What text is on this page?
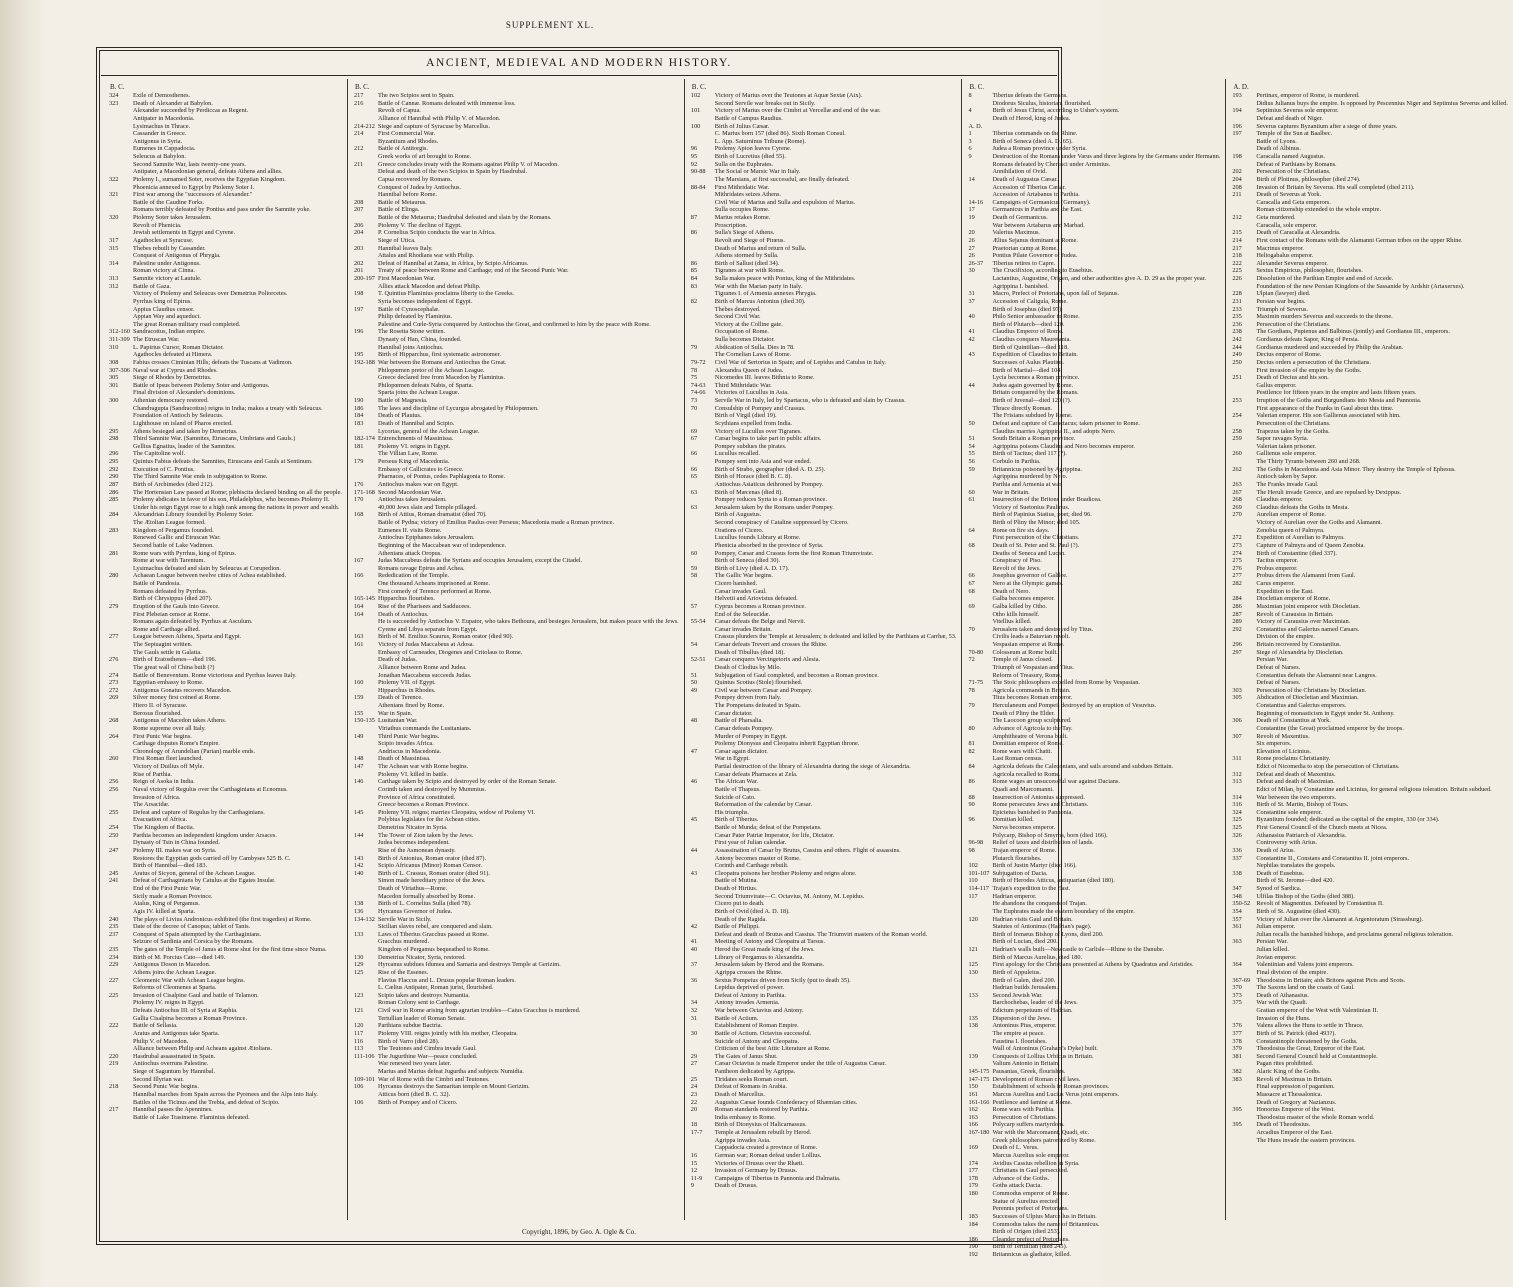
SUPPLEMENT XL.
ANCIENT, MEDIEVAL AND MODERN HISTORY.
B. C.
324	Exile of Demosthenes.
323	Death of Alexander at Babylon.
Alexander succeeded by Perdiccas as Regent.
Antipater in Macedonia.
Lysimachus in Thrace.
Cassander in Greece.
Antigonus in Syria.
Eumenes in Cappadocia.
Seleucus at Babylon.
Second Samnite War, lasts twenty-one years.
Antipater, a Macedonian general, defeats Athens and allies.
322	Ptolemy I., surnamed Soter, receives the Egyptian Kingdom.
Phoenicia annexed to Egypt by Ptolemy Soter I.
321	First war among the "successors of Alexander."
Battle of the Caudine Forks.
Romans terribly defeated by Pontius and pass under the Samnite yoke.
320	Ptolemy Soter takes Jerusalem.
Revolt of Phenicia.
Jewish settlements in Egypt and Cyrene.
317	Agathocles at Syracuse.
315	Thebes rebuilt by Cassander.
Conquest of Antigonus of Phrygia.
314	Palestine under Antigonus.
Roman victory at Cinna.
313	Samnite victory at Lautule.
312	Battle of Gaza.
Victory of Ptolemy and Seleucus over Demetrius Poliorcetes.
Pyrrhus king of Epirus.
Appius Claudius censor.
Appian Way and aqueduct.
The great Roman military road completed.
312-160 Sandracottus, Indian empire.
311-309 The Etruscan War.
310	L. Papirius Cursor, Roman Dictator.
Agathocles defeated at Himera.
308	Fabius crosses Ciminian Hills; defeats the Tuscans at Vadimon.
307-306 Naval war at Cyprus and Rhodes.
305	Siege of Rhodes by Demetrius.
301	Battle of Ipsus between Ptolemy Soter and Antigonus.
Final division of Alexander's dominions.
300	Athenian democracy restored.
Chandragupta (Sandracottus) reigns in India; makes a treaty with Seleucus.
Foundation of Antioch by Seleucus.
Lighthouse on island of Pharos erected.
295	Athens besieged and taken by Demetrius.
298	Third Samnite War. (Samnites, Etruscans, Umbrians and Gauls.)
Gellius Egnatius, leader of the Samnites.
296	The Capitoline wolf.
295	Quintus Fabius defeats the Samnites, Etruscans and Gauls at Sentinum.
292	Execution of C. Pontius.
290	The Third Samnite War ends in subjugation to Rome.
287	Birth of Archimedes (died 212).
286	The Hortensian Law passed at Rome; plebiscita declared binding on all the people.
285	Ptolemy abdicates in favor of his son, Philadelphus, who becomes Ptolemy II.
Under his reign Egypt rose to a high rank among the nations in power and wealth.
284	Alexandrian Library founded by Ptolemy Soter.
The Ætolian League formed.
283	Kingdom of Pergamus founded.
Renewed Gallic and Etruscan War.
Second battle of Lake Vadimon.
281	Rome wars with Pyrrhus, king of Epirus.
Rome at war with Tarentum.
Lysimachus defeated and slain by Seleucus at Corupedion.
280	Achaean League between twelve cities of Achea established.
Battle of Pandosia.
Romans defeated by Pyrrhus.
Birth of Chrysippus (died 207).
279	Eruption of the Gauls into Greece.
First Plebeian censor at Rome.
Romans again defeated by Pyrrhus at Asculum.
Rome and Carthage allied.
277	League between Athens, Sparta and Egypt.
The Septuagint written.
The Gauls settle in Galatia.
276	Birth of Eratosthenes—died 196.
The great wall of China built (?)
274	Battle of Beneventum. Rome victorious and Pyrrhus leaves Italy.
273	Egyptian embassy to Rome.
272	Antigonus Gonatus recovers Macedon.
269	Silver money first coined at Rome.
Hiero II. of Syracuse.
Berosus flourished.
268	Antigonus of Macedon takes Athens.
Rome supreme over all Italy.
264	First Punic War begins.
Carthage disputes Rome's Empire.
Chronology of Arundelian (Parian) marble ends.
260	First Roman fleet launched.
Victory of Duilius off Myle.
Rise of Parthia.
256	Reign of Asoka in India.
256	Naval victory of Regulus over the Carthaginians at Ecnomus.
Invasion of Africa.
The Arsacidæ.
255	Defeat and capture of Regulus by the Carthaginians.
Evacuation of Africa.
254	The Kingdom of Bactia.
250	Parthia becomes an independent kingdom under Arsaces.
Dynasty of Tsin in China founded.
247	Ptolemy III. makes war on Syria.
Restores the Egyptian gods carried off by Cambyses 525 B. C.
Birth of Hannibal—died 183.
245	Aratus of Sicyon, general of the Achean League.
241	Defeat of Carthaginians by Catulus at the Egates Insulæ.
End of the First Punic War.
Sicily made a Roman Province.
Atalus, King of Pergamus.
Agis IV. killed at Sparta.
240	The plays of Livius Andronicus exhibited (the first tragedies) at Rome.
235	Date of the decree of Canopus; tablet of Tanis.
237	Conquest of Spain attempted by the Carthaginians.
Seizure of Sardinia and Corsica by the Romans.
235	The gates of the Temple of Janus at Rome shut for the first time since Numa.
234	Birth of M. Porcius Cato—died 149.
229	Antigonus Doson in Macedon.
Athens joins the Achean League.
227	Cleomenic War with Achean League begins.
Reforms of Cleomenes at Sparta.
225	Invasion of Cisalpine Gaul and battle of Telamon.
Ptolemy IV. reigns in Egypt.
Defeats Antiochus III. of Syria at Raphia.
Gallia Cisalpina becomes a Roman Province.
222	Battle of Sellasia.
Aratus and Antigonus take Sparta.
Philip V. of Macedon.
Alliance between Philip and Acheans against Ætolians.
220	Hasdrubal assassinated in Spain.
219	Antiochus overruns Palestine.
Siege of Saguntum by Hannibal.
Second Illyrian war.
218	Second Punic War begins.
Hannibal marches from Spain across the Pyrenees and the Alps into Italy.
Battles of the Ticinus and the Trebia, and defeat of Scipio.
217	Hannibal passes the Apennines.
Battle of Lake Trasimene. Flaminius defeated.
B. C.
217	The two Scipios sent to Spain.
216	Battle of Cannæ. Romans defeated with immense loss.
Revolt of Capua.
Alliance of Hannibal with Philip V. of Macedon.
214-212 Siege and capture of Syracuse by Marcellus.
214	First Commercial War.
Byzantium and Rhodes.
212	Battle of Antitorgis.
Greek works of art brought to Rome.
211	Greece concludes treaty with the Romans against Philip V. of Macedon.
Defeat and death of the two Scipios in Spain by Hasdrubal.
Capua recovered by Romans.
Conquest of Judea by Antiochus.
Hannibal before Rome.
208	Battle of Metaurus.
207	Battle of Elinga.
Battle of the Metaurus; Hasdrubal defeated and slain by the Romans.
206	Ptolemy V. The decline of Egypt.
204	P. Cornelius Scipio conducts the war in Africa.
Siege of Utica.
203	Hannibal leaves Italy.
Attalus and Rhodians war with Philip.
202	Defeat of Hannibal at Zama, in Africa, by Scipio Africanus.
201	Treaty of peace between Rome and Carthage; end of the Second Punic War.
200-197 First Macedonian War.
Allies attack Macedon and defeat Philip.
198	T. Quintius Flaminius proclaims liberty to the Greeks.
Syria becomes independent of Egypt.
197	Battle of Cynoscephalæ.
Philip defeated by Flaminius.
Palestine and Cœle-Syria conquered by Antiochus the Great, and confirmed to him by the peace with Rome.
196	The Rosetta Stone written.
Dynasty of Han, China, founded.
Hannibal joins Antiochus.
195	Birth of Hipparchus, first systematic astronomer.
192-188 War between the Romans and Antiochus the Great.
Philopœmen pretor of the Achean League.
Greece declared free from Macedon by Flaminius.
Philopœmen defeats Nabis, of Sparta.
Sparta joins the Achean League.
190	Battle of Magnesia.
186	The laws and discipline of Lycurgus abrogated by Philopœmen.
184	Death of Plautus.
183	Death of Hannibal and Scipio.
Lycortas, general of the Achean League.
182-174 Entrenchments of Massinissa.
181	Ptolemy VI. reigns in Egypt.
The Villian Law, Rome.
179	Perseus King of Macedonia.
Embassy of Callicrates to Greece.
Pharnaces, of Pontus, cedes Paphlagonia to Rome.
176	Antiochus makes war on Egypt.
171-168 Second Macedonian War.
170	Antiochus takes Jerusalem.
40,000 Jews slain and Temple pillaged.
168	Birth of Attius, Roman dramatist (died 70).
Battle of Pydna; victory of Emilius Paulus over Perseus; Macedonia made a Roman province.
Eumenes II. visits Rome.
Antiochus Epiphanes takes Jerusalem.
Beginning of the Maccabean war of independence.
Athenians attack Oropus.
167	Judas Maccabeus defeats the Syrians and occupies Jerusalem, except the Citadel.
Romans ravage Epirus and Achea.
166	Rededication of the Temple.
One thousand Acheans imprisoned at Rome.
First comedy of Terence performed at Rome.
165-145 Hipparchus flourishes.
164	Rise of the Pharisees and Sadducees.
164	Death of Antiochus.
He is succeeded by Antiochus V. Eupator, who takes Bethoura, and besieges Jerusalem, but makes peace with the Jews.
Cyrene and Libya separate from Egypt.
163	Birth of M. Emilius Scaurus, Roman orator (died 90).
161	Victory of Judas Maccabeus at Adosa.
Embassy of Carneades, Diogenes and Critolaus to Rome.
Death of Judas.
Alliance between Rome and Judea.
Jonathan Maccabeus succeeds Judas.
160	Ptolemy VII. of Egypt.
Hipparchus in Rhodes.
159	Death of Terence.
Athenians fined by Rome.
155	War in Spain.
150-135 Lusitanian War.
Viriathus commands the Lusitanians.
149	Third Punic War begins.
Scipio invades Africa.
Andriscus in Macedonia.
148	Death of Massinissa.
147	The Achean war with Rome begins.
Ptolemy VI. killed in battle.
146	Carthage taken by Scipio and destroyed by order of the Roman Senate.
Corinth taken and destroyed by Mummius.
Province of Africa constituted.
Greece becomes a Roman Province.
145	Ptolemy VII. reigns; marries Cleopatra, widow of Ptolemy VI.
Polybius legislates for the Achean cities.
Demetrius Nicator in Syria.
144	The Tower of Zion taken by the Jews.
Judea becomes independent.
Rise of the Asmonean dynasty.
143	Birth of Antonius, Roman orator (died 87).
142	Scipio Africanus (Minor) Roman Censor.
140	Birth of L. Crassus, Roman orator (died 91).
Simon made hereditary prince of the Jews.
Death of Viriathus—Rome.
Macedon formally absorbed by Rome.
138	Birth of L. Cornelius Sulla (died 78).
136	Hyrcanus Governor of Judea.
134-132 Servile War in Sicily.
Sicilian slaves rebel, are conquered and slain.
133	Laws of Tiberius Gracchus passed at Rome.
Gracchus murdered.
Kingdom of Pergamus bequeathed to Rome.
130	Demetrius Nicator, Syria, restored.
129	Hyrcanus subdues Idumea and Samaria and destroys Temple at Gerizim.
125	Rise of the Essenes.
Flavius Flaccus and L. Drusus popular Roman leaders.
L. Cælius Antipater, Roman jurist, flourished.
123	Scipio takes and destroys Numantia.
Roman Colony sent to Carthage.
121	Civil war in Rome arising from agrarian troubles—Caius Gracchus is murdered.
Tertullian leader of Roman Senate.
120	Parthians subdue Bactria.
117	Ptolemy VIII. reigns jointly with his mother, Cleopatra.
116	Birth of Varro (died 28).
113	The Teutones and Cimbra invade Gaul.
111-106 The Jugurthine War—peace concluded.
War renewed two years later.
Marius and Marius defeat Jugurtha and subjects Numidia.
109-101 War of Rome with the Cimbri and Teutones.
106	Hyrcanus destroys the Samaritan temple on Mount Gerizim.
Atticus born (died B. C. 32).
106	Birth of Pompey and of Cicero.
B. C.
102	Victory of Marius over the Teutones at Aquæ Sextæ (Aix).
Second Servile war breaks out in Sicily.
101	Victory of Marius over the Cimbri at Vercellæ and end of the war.
Battle of Campus Raudius.
100	Birth of Julius Cæsar.
C. Marius born 157 (died 86). Sixth Roman Consul.
L. App. Saturninus Tribune (Rome).
96	Ptolemy Apion leaves Cyrene.
95	Birth of Lucretius (died 55).
92	Sulla on the Euphrates.
90-88	The Social or Marsic War in Italy.
The Marsians, at first successful, are finally defeated.
88-84	First Mithridatic War.
Mithridates seizes Athens.
Civil War of Marius and Sulla and expulsion of Marius.
Sulla occupies Rome.
87	Marius retakes Rome.
Proscription.
86	Sulla's Siege of Athens.
Revolt and Siege of Piræus.
Death of Marius and return of Sulla.
Athens stormed by Sulla.
86	Birth of Sallust (died 34).
85	Tigranes at war with Rome.
84	Sulla makes peace with Pontus, king of the Mithridates.
83	War with the Marian party in Italy.
Tigranes I. of Armenia annexes Phrygia.
82	Birth of Marcus Antonius (died 30).
Thebes destroyed.
Second Civil War.
Victory at the Colline gate.
Occupation of Rome.
Sulla becomes Dictator.
79	Abdication of Sulla. Dies in 78.
The Cornelian Laws of Rome.
79-72	Civil War of Sertorius in Spain; and of Lepidus and Catulus in Italy.
78	Alexandra Queen of Judea.
75	Nicomedes III. leaves Bithnia to Rome.
74-63	Third Mithridatic War.
74-66	Victories of Lucullus in Asia.
73	Servile War in Italy, led by Spartacus, who is defeated and slain by Crassus.
70	Consulship of Pompey and Crassus.
Birth of Virgil (died 19).
Scythians expelled from India.
69	Victory of Lucullus over Tigranes.
67	Cæsar begins to take part in public affairs.
Pompey subdues the pirates.
66	Lucullus recalled.
Pompey sent into Asia and war ended.
66	Birth of Strabo, geographer (died A. D. 25).
65	Birth of Horace (died B. C. 8).
Antiochus Asiaticus dethroned by Pompey.
63	Birth of Mæcenas (died 8).
Pompey reduces Syria to a Roman province.
63	Jerusalem taken by the Romans under Pompey.
Birth of Augustus.
Second conspiracy of Cataline suppressed by Cicero.
Orations of Cicero.
Lucullus founds Library at Rome.
Phenicia absorbed in the province of Syria.
60	Pompey, Cæsar and Crassus form the first Roman Triumvirate.
Birth of Seneca (died 30).
59	Birth of Livy (died A. D. 17).
58	The Gallic War begins.
Cicero banished.
Cæsar invades Gaul.
Helvetii and Ariovistus defeated.
57	Cyprus becomes a Roman province.
End of the Seleucidæ.
55-54	Cæsar defeats the Belge and Nervii.
Cæsar invades Britain.
Crassus plunders the Temple at Jerusalem; is defeated and killed by the Parthians at Carrhæ, 53.
54	Cæsar defeats Treveri and crosses the Rhine.
Death of Tibullus (died 18).
52-51	Cæsar conquers Vercingetorix and Alesia.
Death of Clodius by Milo.
51	Subjugation of Gaul completed, and becomes a Roman province.
50	Quintus Scotius (Stole) flourished.
49	Civil war between Cæsar and Pompey.
Pompey driven from Italy.
The Pompeians defeated in Spain.
Cæsar dictator.
48	Battle of Pharsalia.
Cæsar defeats Pompey.
Murder of Pompey in Egypt.
Ptolemy Dionysus and Cleopatra inherit Egyptian throne.
47	Cæsar again dictator.
War in Egypt.
Partial destruction of the library of Alexandria during the siege of Alexandria.
Cæsar defeats Pharnaces at Zela.
46	The African War.
Battle of Thapsus.
Suicide of Cato.
Reformation of the calendar by Cæsar.
His triumphs.
45	Birth of Tiberius.
Battle of Munda; defeat of the Pompeians.
Cæsar Pater Patriæ Imperator, for life, Dictator.
First year of Julian calendar.
44	Assassination of Cæsar by Brutus, Cassius and others. Flight of assassins.
Antony becomes master of Rome.
Corinth and Carthage rebuilt.
43	Cleopatra poisons her brother Ptolemy and reigns alone.
Battle of Mutina.
Death of Hirtius.
Second Triumvirate—C. Octavius, M. Antony, M. Lepidus.
Cicero put to death.
Birth of Ovid (died A. D. 18).
Death of the Ragida.
42	Battle of Philippi.
Defeat and death of Brutus and Cassius. The Triumviri masters of the Roman world.
41	Meeting of Antony and Cleopatra at Tarsus.
40	Herod the Great made king of the Jews.
Library of Pergamus to Alexandria.
37	Jerusalem taken by Herod and the Romans.
Agrippa crosses the Rhine.
36	Sextus Pompeius driven from Sicily (put to death 35).
Lepidus deprived of power.
Defeat of Antony in Parthia.
34	Antony invades Armenia.
32	War between Octavius and Antony.
31	Battle of Actium.
Establishment of Roman Empire.
30	Battle of Actium. Octavius successful.
Suicide of Antony and Cleopatra.
Criticism of the best Attic Literature at Rome.
29	The Gates of Janus Shut.
27	Cæsar Octavius is made Emperor under the title of Augustus Cæsar.
Pantheon dedicated by Agrippa.
25	Tiridates seeks Roman court.
24	Defeat of Romans in Arabia.
23	Death of Marcellus.
22	Augustus Cæsar founds Confederacy of Rhæmian cities.
20	Roman standards restored by Parthia.
India embassy to Rome.
18	Birth of Dionysius of Halicarnassus.
17-7	Temple at Jerusalem rebuilt by Herod.
Agrippa invades Asia.
Cappadocia created a province of Rome.
16	German war; Roman defeat under Lollius.
15	Victories of Drusus over the Rhæti.
12	Invasion of Germany by Drusus.
11-9	Campaigns of Tiberius in Pannonia and Dalmatia.
9	Death of Drusus.
B. C.
8	Tiberius defeats the Germans.
Diodorus Siculus, historian, flourished.
4	Birth of Jesus Christ, according to Usher's system.
Death of Herod, king of Judea.
A. D.
1	Tiberius commands on the Rhine.
3	Birth of Seneca (died A. D. 65).
6	Judea a Roman province under Syria.
9	Destruction of the Romans under Varus and three legions by the Germans under Hermann.
Romans defeated by Cherusci under Arminius.
Annihilation of Ovid.
14	Death of Augustus Cæsar.
Accession of Tiberius Cæsar.
Accession of Artabanus to Parthia.
14-16	Campaigns of Germanicus (Germany).
17	Germanicus in Parthia and the East.
19	Death of Germanicus.
War between Artabarus and Marbad.
20	Valerius Maximus.
26	Ælius Sejanus dominant at Rome.
27	Praetorian camp at Rome.
26	Pontius Pilate Governor of Judea.
26-37	Tiberius retires to Capre.
30	The Crucifixion, according to Eusebius.
Lactantius, Augustine, Origen, and other authorities give A. D. 29 as the proper year.
Agrippina I. banished.
31	Macro, Prefect of Pretorians, upon fall of Sejanus.
37	Accession of Caligula, Rome.
Birth of Josephus (died 97).
40	Philo Senior ambassador to Rome.
Birth of Plutarch—died 120.
41	Claudius Emperor of Rome.
42	Claudius conquers Mauretania.
Birth of Quintilian—died 118.
43	Expedition of Claudius to Britain.
Successes of Aulus Plautius.
Birth of Martial—died 104.
Lycia becomes a Roman province.
44	Judea again governed by Rome.
Britain conquered by the Romans.
Birth of Juvenal—died 120 (?).
Thrace directly Roman.
The Frisians subdued by Rome.
50	Defeat and capture of Caractacus; taken prisoner to Rome.
Claudius marries Agrippina II., and adopts Nero.
51	South Britain a Roman province.
54	Agrippina poisons Claudius and Nero becomes emperor.
55	Birth of Tacitus; died 117 (?).
56	Corbulo in Parthia.
59	Britannicus poisoned by Agrippina.
Agrippina murdered by Nero.
Parthia and Armenia at war.
60	War in Britain.
61	Insurrection of the Britons under Boadicea.
Victory of Suetonius Paulinus.
Birth of Papinius Statius, poet; died 96.
Birth of Pliny the Minor; died 105.
64	Rome on fire six days.
First persecution of the Christians.
68	Death of St. Peter and St. Paul (?).
Deaths of Seneca and Lucan.
Conspiracy of Piso.
Revolt of the Jews.
66	Josephus governor of Galilee.
67	Nero at the Olympic games.
68	Death of Nero.
Galba becomes emperor.
69	Galba killed by Otho.
Otho kills himself.
Vitellius killed.
70	Jerusalem taken and destroyed by Titus.
Civilis leads a Batavian revolt.
Vespasian emperor at Rome.
70-80	Colosseum at Rome built.
72	Temple of Janus closed.
Triumph of Vespasian and Titus.
Reform of Treasury, Rome.
71-75	The Stoic philosophers expelled from Rome by Vespasian.
78	Agricola commands in Britain.
Titus becomes Roman emperor.
79	Herculaneum and Pompeii destroyed by an eruption of Vesuvius.
Death of Pliny the Elder.
The Laocoon group sculptured.
80	Advance of Agricola to the Tay.
Amphitheatre of Verona built.
81	Domitian emperor of Rome.
82	Rome wars with Chatti.
Last Roman census.
84	Agricola defeats the Caledonians, and sails around and subdues Britain.
Agricola recalled to Rome.
86	Rome wages an unsuccessful war against Dacians.
Quadi and Marcomanni.
88	Insurrection of Antonius suppressed.
90	Rome persecutes Jews and Christians.
Epictetus banished to Pannonia.
96	Domitian killed.
Nerva becomes emperor.
Polycarp, Bishop of Smyrna, born (died 166).
96-98	Relief of taxes and distribution of lands.
98	Trajan emperor of Rome.
Plutarch flourishes.
102	Birth of Justin Martyr (died 166).
101-107 Subjugation of Dacia.
110	Birth of Herodes Atticus, antiquarian (died 180).
114-117 Trajan's expedition to the East.
117	Hadrian emperor.
He abandons the conquests of Trajan.
The Euphrates made the eastern boundary of the empire.
120	Hadrian visits Gaul and Britain.
Statutes of Antoninus (Hadrian's page).
Birth of Irenæus Bishop of Lyons, died 200.
Birth of Lucian, died 200.
121	Hadrian's walls built—Newcastle to Carlisle—Rhine to the Danube.
Birth of Marcus Aurelius, died 180.
125	First apology for the Christians presented at Athens by Quadratus and Aristides.
130	Birth of Appuleius.
Birth of Galen, died 200.
Hadrian builds Jerusalem.
133	Second Jewish War.
Barchochebas, leader of the Jews.
Edictum perpetuum of Hadrian.
135	Dispersion of the Jews.
138	Antoninus Pius, emperor.
The empire at peace.
Faustina I. flourishes.
Wall of Antoninus (Graham's Dyke) built.
139	Conquests of Lollius Urbicus in Britain.
Valium Antonio in Britain.
145-175 Pausanias, Greek, flourishes.
147-175 Development of Roman civil laws.
150	Establishment of schools in Roman provinces.
161	Marcus Aurelius and Lucius Verus joint emperors.
161-166 Pestilence and famine at Rome.
162	Rome wars with Parthia.
163	Persecution of Christians.
166	Polycarp suffers martyrdom.
167-180 War with the Marcomanni, Quadi, etc.
Greek philosophers patronized by Rome.
169	Death of L. Verus.
Marcus Aurelius sole emperor.
174	Avidius Cassius rebellion in Syria.
177	Christians in Gaul persecuted.
178	Advance of the Goths.
179	Goths attack Dacia.
180	Commodus emperor of Rome.
Statue of Aurelius erected.
Perennis prefect of Pretorians.
183	Successes of Ulpius Marcellus in Britain.
184	Commodus takes the name of Britannicus.
Birth of Origen (died 253).
186	Cleander prefect of Pretorians.
190	Birth of Tertullian (died 245).
192	Britannicus as gladiator, killed.
A. D.
193	Pertinax, emperor of Rome, is murdered.
Didius Julianus buys the empire. Is opposed by Pescennius Niger and Septimius Severus and killed.
194	Septimius Severus sole emperor.
Defeat and death of Niger.
196	Severus captures Byzantium after a siege of three years.
197	Temple of the Sun at Baalbec.
Battle of Lyons.
Death of Albinus.
198	Caracalla named Augustus.
Defeat of Parthians by Romans.
202	Persecution of the Christians.
204	Birth of Plotinus, philosopher (died 274).
208	Invasion of Britain by Severus. His wall completed (died 211).
211	Death of Severus at York.
Caracalla and Geta emperors.
Roman citizenship extended to the whole empire.
212	Geta murdered.
Caracalla, sole emperor.
215	Death of Caracalla at Alexandria.
214	First contact of the Romans with the Alamanni German tribes on the upper Rhine.
217	Macrinus emperor.
218	Heliogabalus emperor.
222	Alexander Severus emperor.
225	Sextus Empiricus, philosopher, flourishes.
226	Dissolution of the Parthian Empire and end of Arcede.
Foundation of the new Persian Kingdom of the Sassanide by Ardshir (Artaxerxes).
228	Ulpian (lawyer) died.
231	Persian war begins.
233	Triumph of Severus.
235	Maximin murders Severus and succeeds to the throne.
236	Persecution of the Christians.
238	The Gordians, Pupienus and Balbinus (jointly) and Gordianus III., emperors.
242	Gordianus defeats Sapor, King of Persia.
244	Gordianus murdered and succeeded by Philip the Arabian.
249	Decius emperor of Rome.
250	Decius orders a persecution of the Christians.
First invasion of the empire by the Goths.
251	Death of Decius and his son.
Gallus emperor.
Pestilence for fifteen years in the empire and lasts fifteen years.
253	Irruption of the Goths and Burgundians into Mesia and Pannonia.
First appearance of the Franks in Gaul about this time.
254	Valerian emperor. His son Gallienus associated with him.
Persecution of the Christians.
258	Trapezus taken by the Goths.
259	Sapor ravages Syria.
Valerian taken prisoner.
260	Gallienus sole emperor.
The Thirty Tyrants between 260 and 268.
262	The Goths in Macedonia and Asia Minor. They destroy the Temple of Ephesus.
Antioch taken by Sapor.
263	The Franks invade Gaul.
267	The Heruli invade Greece, and are repulsed by Dexippus.
268	Claudius emperor.
269	Claudius defeats the Goths in Mesia.
270	Aurelian emperor of Rome.
Victory of Aurelian over the Goths and Alamanni.
Zenobia queen of Palmyra.
272	Expedition of Aurelian to Palmyra.
273	Capture of Palmyra and of Queen Zenobia.
274	Birth of Constantine (died 337).
275	Tacitus emperor.
276	Probus emperor.
277	Probus drives the Alamanni from Gaul.
282	Carus emperor.
Expedition to the East.
284	Diocletian emperor of Rome.
286	Maximian joint emperor with Diocletian.
287	Revolt of Carausius in Britain.
289	Victory of Carausius over Maximian.
292	Constantius and Galerius named Cæsars.
Division of the empire.
296	Britain recovered by Constantius.
297	Siege of Alexandria by Diocletian.
Persian War.
Defeat of Narses.
Constantius defeats the Alamanni near Langres.
Defeat of Narses.
303	Persecution of the Christians by Diocletian.
305	Abdication of Diocletian and Maximian.
Constantius and Galerius emperors.
Beginning of monasticism in Egypt under St. Anthony.
306	Death of Constantius at York.
Constantine (the Great) proclaimed emperor by the troops.
307	Revolt of Maxentius.
Six emperors.
Elevation of Licinius.
311	Rome proclaims Christianity.
Edict of Nicomedia to stop the persecution of Christians.
312	Defeat and death of Maxentius.
313	Defeat and death of Maximian.
Edict of Milan, by Constantine and Licinius, for general religious toleration. Britain subdued.
314	War between the two emperors.
316	Birth of St. Martin, Bishop of Tours.
324	Constantine sole emperor.
325	Byzantium founded; dedicated as the capital of the empire, 330 (or 334).
325	First General Council of the Church meets at Nicea.
326	Athanasius Patriarch of Alexandria.
Controversy with Arius.
336	Death of Arius.
337	Constantine II., Constans and Constantius II. joint emperors.
Nephilas translates the gospels.
338	Death of Eusebius.
Birth of St. Jerome—died 420.
347	Synod of Sardica.
348	Ulfilas Bishop of the Goths (died 388).
350-52 Revolt of Magnentius. Defeated by Constantius II.
354	Birth of St. Augustine (died 430).
357	Victory of Julian over the Alamanni at Argentoratum (Strassburg).
361	Julian emperor.
Julian recalls the banished bishops, and proclaims general religious toleration.
363	Persian War.
Julian killed.
Jovian emperor.
364	Valentinian and Valens joint emperors.
Final division of the empire.
367-69 Theodosius in Britain; aids Britons against Picts and Scots.
370	The Saxons land on the coasts of Gaul.
373	Death of Athanasius.
375	War with the Quadi.
Gratian emperor of the West with Valentinian II.
Invasion of the Huns.
376	Valens allows the Huns to settle in Thrace.
377	Birth of St. Patrick (died 493?).
378	Constantinople threatened by the Goths.
379	Theodosius the Great, Emperor of the East.
381	Second General Council held at Constantinople.
Pagan rites prohibited.
382	Alaric King of the Goths.
383	Revolt of Maximus in Britain.
Final suppression of paganism.
Massacre at Thessalonica.
Death of Gregory at Nazianzus.
395	Honorius Emperor of the West.
Theodosius master of the whole Roman world.
395	Death of Theodosius.
Arcadius Emperor of the East.
The Huns invade the eastern provinces.
Copyright, 1896, by Geo. A. Ogle & Co.
